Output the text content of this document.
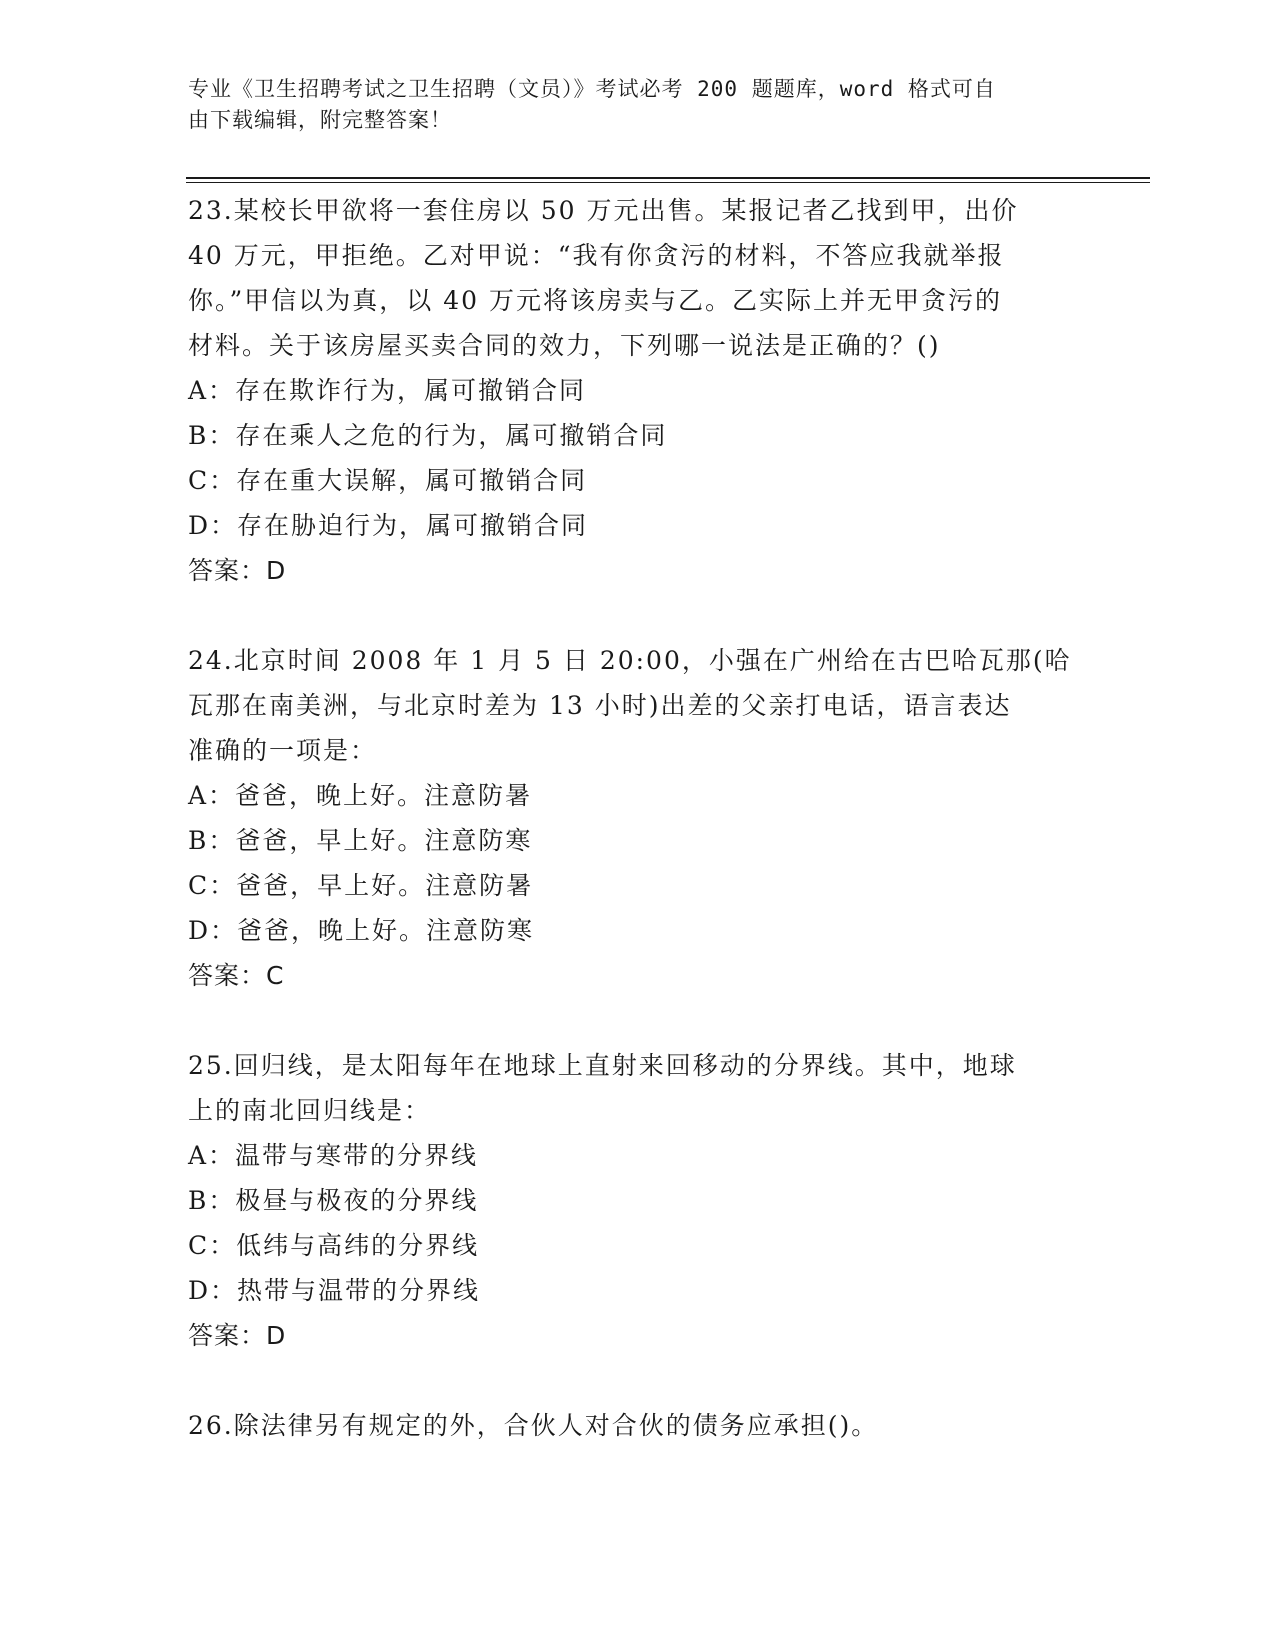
专业《卫生招聘考试之卫生招聘（文员）》考试必考 200 题题库，word 格式可自
由下载编辑，附完整答案！

23.某校长甲欲将一套住房以 50 万元出售。某报记者乙找到甲，出价

40 万元，甲拒绝。乙对甲说：“我有你贪污的材料，不答应我就举报

你。”甲信以为真，以 40 万元将该房卖与乙。乙实际上并无甲贪污的

材料。关于该房屋买卖合同的效力，下列哪一说法是正确的？()

A：存在欺诈行为，属可撤销合同

B：存在乘人之危的行为，属可撤销合同

C：存在重大误解，属可撤销合同

D：存在胁迫行为，属可撤销合同

答案：D

24.北京时间 2008 年 1 月 5 日 20:00，小强在广州给在古巴哈瓦那(哈

瓦那在南美洲，与北京时差为 13 小时)出差的父亲打电话，语言表达

准确的一项是：

A：爸爸，晚上好。注意防暑

B：爸爸，早上好。注意防寒

C：爸爸，早上好。注意防暑

D：爸爸，晚上好。注意防寒

答案：C

25.回归线，是太阳每年在地球上直射来回移动的分界线。其中，地球

上的南北回归线是：

A：温带与寒带的分界线

B：极昼与极夜的分界线

C：低纬与高纬的分界线

D：热带与温带的分界线

答案：D

26.除法律另有规定的外，合伙人对合伙的债务应承担()。
